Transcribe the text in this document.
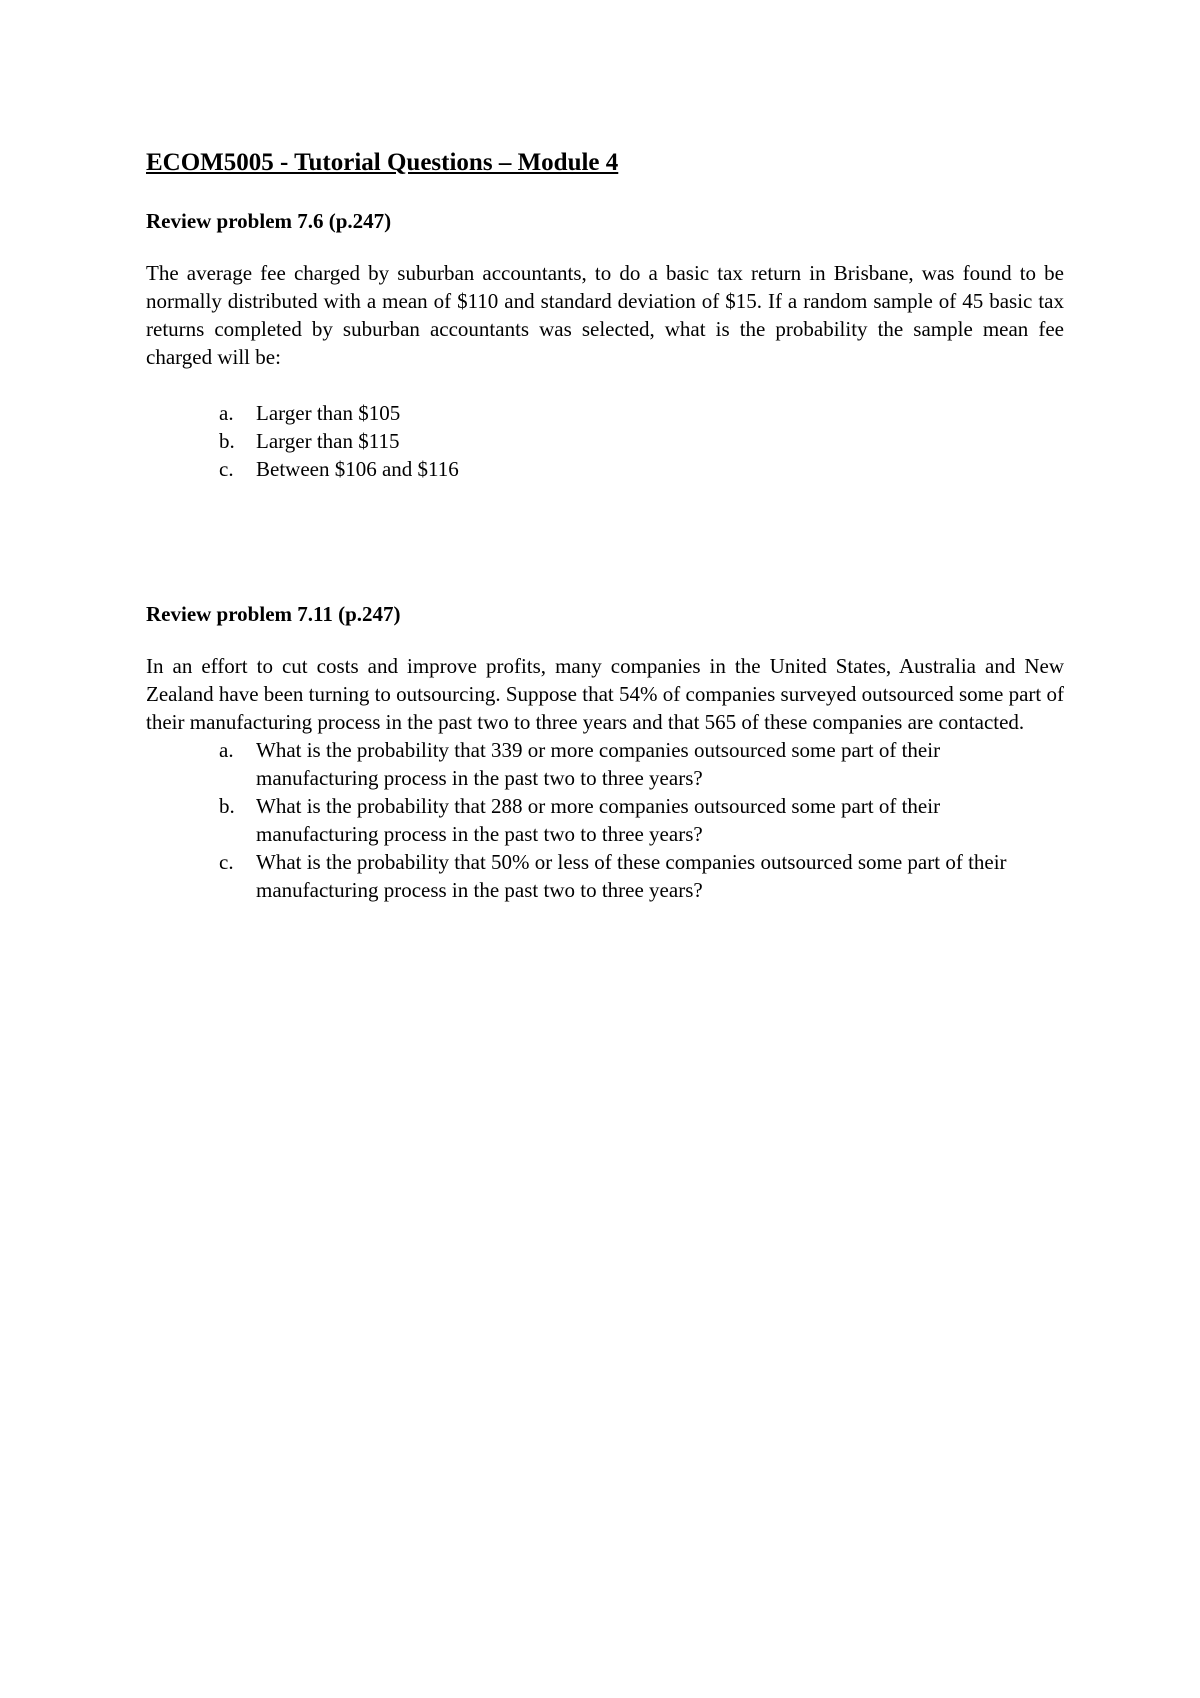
ECOM5005 - Tutorial Questions – Module 4
Review problem 7.6 (p.247)

The average fee charged by suburban accountants, to do a basic tax return in Brisbane, was found to be normally distributed with a mean of $110 and standard deviation of $15. If a random sample of 45 basic tax returns completed by suburban accountants was selected, what is the probability the sample mean fee charged will be:

a. Larger than $105
b. Larger than $115
c. Between $106 and $116
Review problem 7.11 (p.247)

In an effort to cut costs and improve profits, many companies in the United States, Australia and New Zealand have been turning to outsourcing. Suppose that 54% of companies surveyed outsourced some part of their manufacturing process in the past two to three years and that 565 of these companies are contacted.

a. What is the probability that 339 or more companies outsourced some part of their manufacturing process in the past two to three years?
b. What is the probability that 288 or more companies outsourced some part of their manufacturing process in the past two to three years?
c. What is the probability that 50% or less of these companies outsourced some part of their manufacturing process in the past two to three years?
